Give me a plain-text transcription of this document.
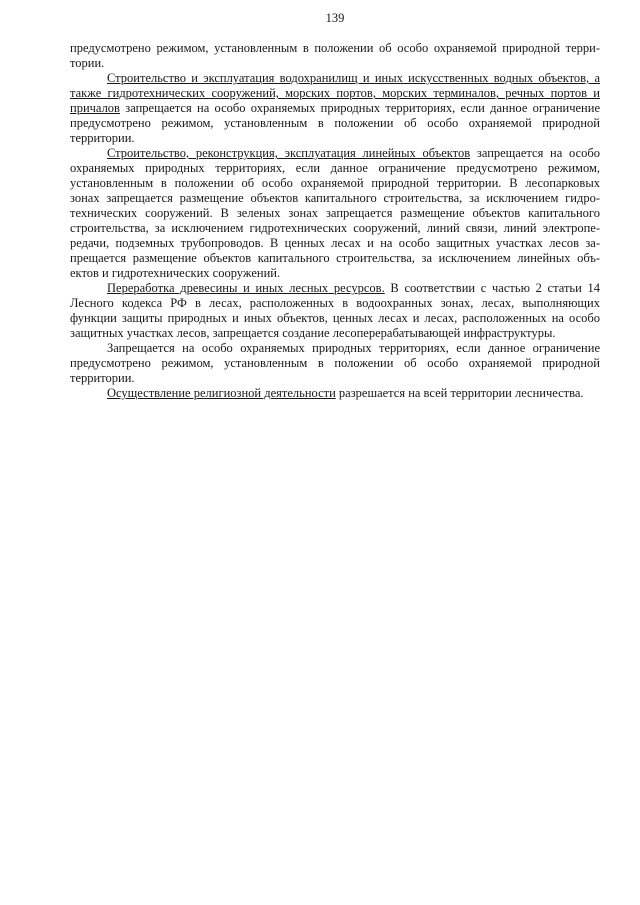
139
предусмотрено режимом, установленным в положении об особо охраняемой природной терри-
тории.
Строительство и эксплуатация водохранилищ и иных искусственных водных объектов, а
также гидротехнических сооружений, морских портов, морских терминалов, речных портов и
причалов запрещается на особо охраняемых природных территориях, если данное ограничение
предусмотрено режимом, установленным в положении об особо охраняемой природной
территории.
Строительство, реконструкция, эксплуатация линейных объектов запрещается на особо
охраняемых природных территориях, если данное ограничение предусмотрено режимом,
установленным в положении об особо охраняемой природной территории. В лесопарковых
зонах запрещается размещение объектов капитального строительства, за исключением гидро-
технических сооружений. В зеленых зонах запрещается размещение объектов капитального
строительства, за исключением гидротехнических сооружений, линий связи, линий электропе-
редачи, подземных трубопроводов. В ценных лесах и на особо защитных участках лесов за-
прещается размещение объектов капитального строительства, за исключением линейных объ-
ектов и гидротехнических сооружений.
Переработка древесины и иных лесных ресурсов. В соответствии с частью 2 статьи 14
Лесного кодекса РФ в лесах, расположенных в водоохранных зонах, лесах, выполняющих
функции защиты природных и иных объектов, ценных лесах и лесах, расположенных на особо
защитных участках лесов, запрещается создание лесоперерабатывающей инфраструктуры.
Запрещается на особо охраняемых природных территориях, если данное ограничение
предусмотрено режимом, установленным в положении об особо охраняемой природной
территории.
Осуществление религиозной деятельности разрешается на всей территории лесничества.
